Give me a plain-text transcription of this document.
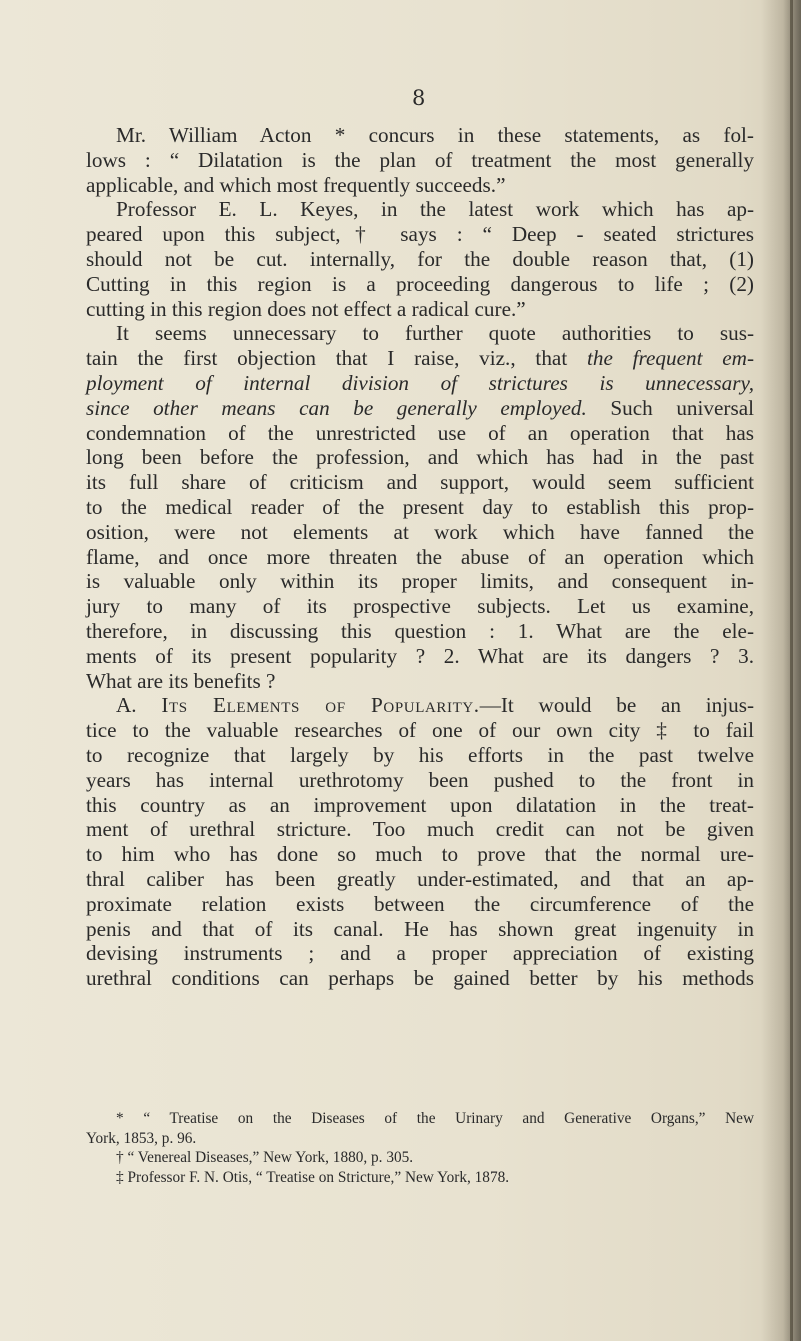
8
Mr. William Acton * concurs in these statements, as fol-
lows : “ Dilatation is the plan of treatment the most generally
applicable, and which most frequently succeeds.”
Professor E. L. Keyes, in the latest work which has ap-
peared upon this subject,† says : “ Deep - seated strictures
should not be cut. internally, for the double reason that, (1)
Cutting in this region is a proceeding dangerous to life ; (2)
cutting in this region does not effect a radical cure.”
It seems unnecessary to further quote authorities to sus-
tain the first objection that I raise, viz., that the frequent em-
ployment of internal division of strictures is unnecessary,
since other means can be generally employed. Such universal
condemnation of the unrestricted use of an operation that has
long been before the profession, and which has had in the past
its full share of criticism and support, would seem sufficient
to the medical reader of the present day to establish this prop-
osition, were not elements at work which have fanned the
flame, and once more threaten the abuse of an operation which
is valuable only within its proper limits, and consequent in-
jury to many of its prospective subjects. Let us examine,
therefore, in discussing this question : 1. What are the ele-
ments of its present popularity ? 2. What are its dangers ? 3.
What are its benefits ?
A. Its Elements of Popularity.—It would be an injus-
tice to the valuable researches of one of our own city ‡ to fail
to recognize that largely by his efforts in the past twelve
years has internal urethrotomy been pushed to the front in
this country as an improvement upon dilatation in the treat-
ment of urethral stricture. Too much credit can not be given
to him who has done so much to prove that the normal ure-
thral caliber has been greatly under-estimated, and that an ap-
proximate relation exists between the circumference of the
penis and that of its canal. He has shown great ingenuity in
devising instruments ; and a proper appreciation of existing
urethral conditions can perhaps be gained better by his methods
* “ Treatise on the Diseases of the Urinary and Generative Organs,” New
York, 1853, p. 96.
† “ Venereal Diseases,” New York, 1880, p. 305.
‡ Professor F. N. Otis, “ Treatise on Stricture,” New York, 1878.
